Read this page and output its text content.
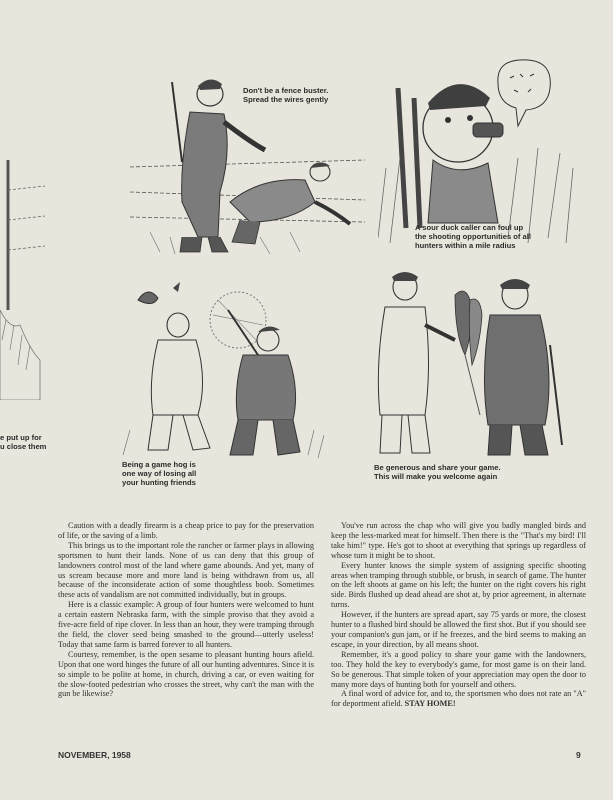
e put up for
u close them
Don't be a fence buster.
Spread the wires gently
A sour duck caller can foul up
the shooting opportunities of all
hunters within a mile radius
Being a game hog is
one way of losing all
your hunting friends
Be generous and share your game.
This will make you welcome again

Caution with a deadly firearm is a cheap price to pay for the preservation of life, or the saving of a limb.

This brings us to the important role the rancher or farmer plays in allowing sportsmen to hunt their lands. None of us can deny that this group of landowners control most of the land where game abounds. And yet, many of us scream because more and more land is being withdrawn from us, all because of the inconsiderate action of some thoughtless boob. Sometimes these acts of vandalism are not committed individually, but in groups.

Here is a classic example: A group of four hunters were welcomed to hunt a certain eastern Nebraska farm, with the simple proviso that they avoid a five-acre field of ripe clover. In less than an hour, they were tramping through the field, the clover seed being smashed to the ground—utterly useless! Today that same farm is barred forever to all hunters.

Courtesy, remember, is the open sesame to pleasant hunting hours afield. Upon that one word hinges the future of all our hunting adventures. Since it is so simple to be polite at home, in church, driving a car, or even waiting for the slow-footed pedestrian who crosses the street, why can't the man with the gun be likewise?

You've run across the chap who will give you badly mangled birds and keep the less-marked meat for himself. Then there is the "That's my bird! I'll take him!" type. He's got to shoot at everything that springs up regardless of whose turn it might be to shoot.

Every hunter knows the simple system of assigning specific shooting areas when tramping through stubble, or brush, in search of game. The hunter on the left shoots at game on his left; the hunter on the right covers his right side. Birds flushed up dead ahead are shot at, by prior agreement, in alternate turns.

However, if the hunters are spread apart, say 75 yards or more, the closest hunter to a flushed bird should be allowed the first shot. But if you should see your companion's gun jam, or if he freezes, and the bird seems to making an escape, in your direction, by all means shoot.

Remember, it's a good policy to share your game with the landowners, too. They hold the key to everybody's game, for most game is on their land. So be generous. That simple token of your appreciation may open the door to many more days of hunting both for yourself and others.

A final word of advice for, and to, the sportsmen who does not rate an "A" for deportment afield. STAY HOME!

NOVEMBER, 1958	9
